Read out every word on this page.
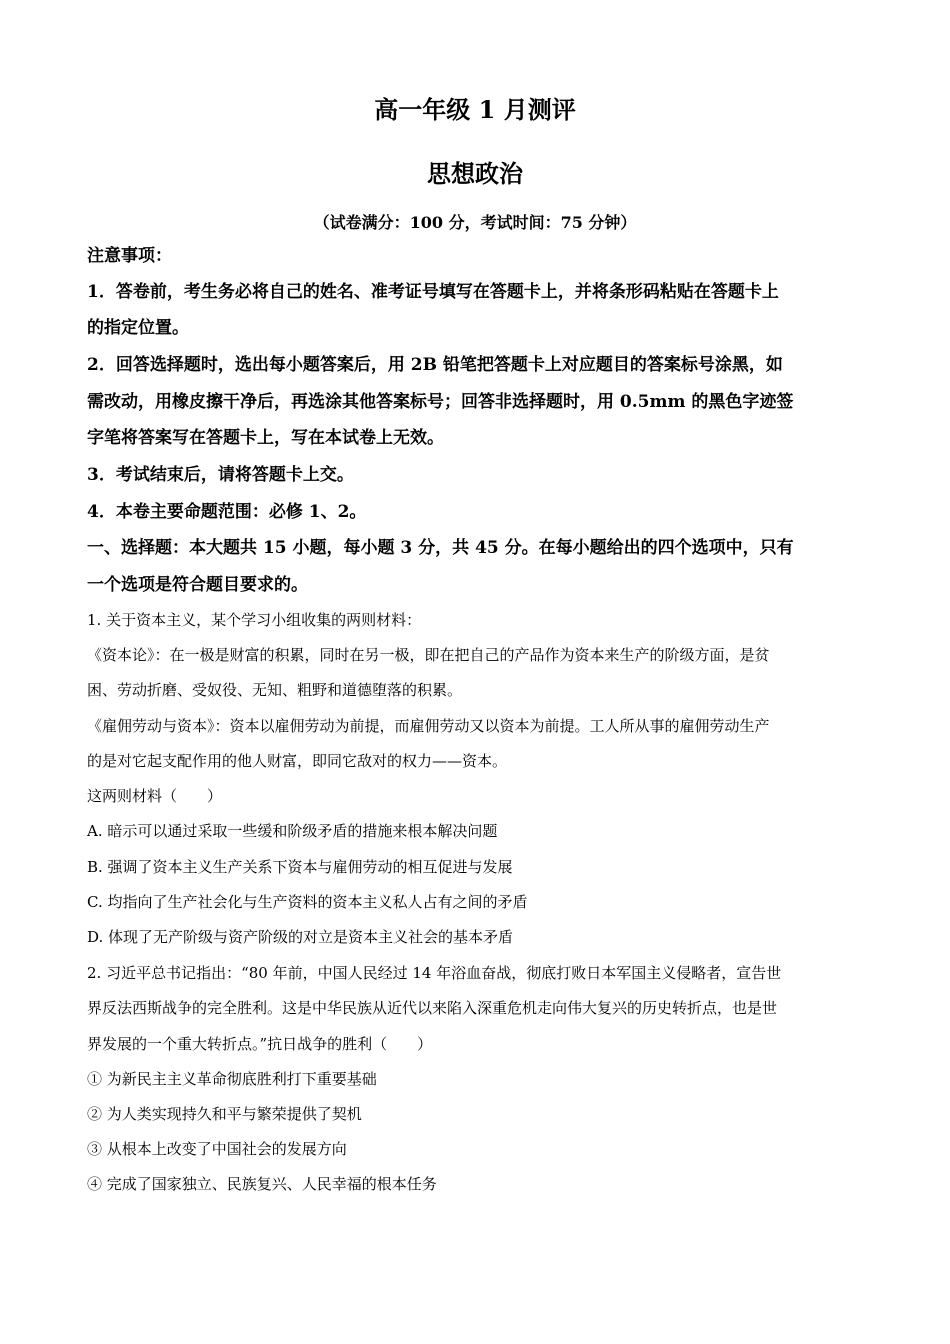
高一年级 1 月测评
思想政治
（试卷满分：100 分，考试时间：75 分钟）
注意事项：
1．答卷前，考生务必将自己的姓名、准考证号填写在答题卡上，并将条形码粘贴在答题卡上
的指定位置。
2．回答选择题时，选出每小题答案后，用 2B 铅笔把答题卡上对应题目的答案标号涂黑，如
需改动，用橡皮擦干净后，再选涂其他答案标号；回答非选择题时，用 0.5mm 的黑色字迹签
字笔将答案写在答题卡上，写在本试卷上无效。
3．考试结束后，请将答题卡上交。
4．本卷主要命题范围：必修 1、2。
一、选择题：本大题共 15 小题，每小题 3 分，共 45 分。在每小题给出的四个选项中，只有
一个选项是符合题目要求的。
1. 关于资本主义，某个学习小组收集的两则材料：
《资本论》：在一极是财富的积累，同时在另一极，即在把自己的产品作为资本来生产的阶级方面，是贫
困、劳动折磨、受奴役、无知、粗野和道德堕落的积累。
《雇佣劳动与资本》：资本以雇佣劳动为前提，而雇佣劳动又以资本为前提。工人所从事的雇佣劳动生产
的是对它起支配作用的他人财富，即同它敌对的权力——资本。
这两则材料（　　）
A. 暗示可以通过采取一些缓和阶级矛盾的措施来根本解决问题
B. 强调了资本主义生产关系下资本与雇佣劳动的相互促进与发展
C. 均指向了生产社会化与生产资料的资本主义私人占有之间的矛盾
D. 体现了无产阶级与资产阶级的对立是资本主义社会的基本矛盾
2. 习近平总书记指出：“80 年前，中国人民经过 14 年浴血奋战，彻底打败日本军国主义侵略者，宣告世
界反法西斯战争的完全胜利。这是中华民族从近代以来陷入深重危机走向伟大复兴的历史转折点，也是世
界发展的一个重大转折点。”抗日战争的胜利（　　）
① 为新民主主义革命彻底胜利打下重要基础
② 为人类实现持久和平与繁荣提供了契机
③ 从根本上改变了中国社会的发展方向
④ 完成了国家独立、民族复兴、人民幸福的根本任务
